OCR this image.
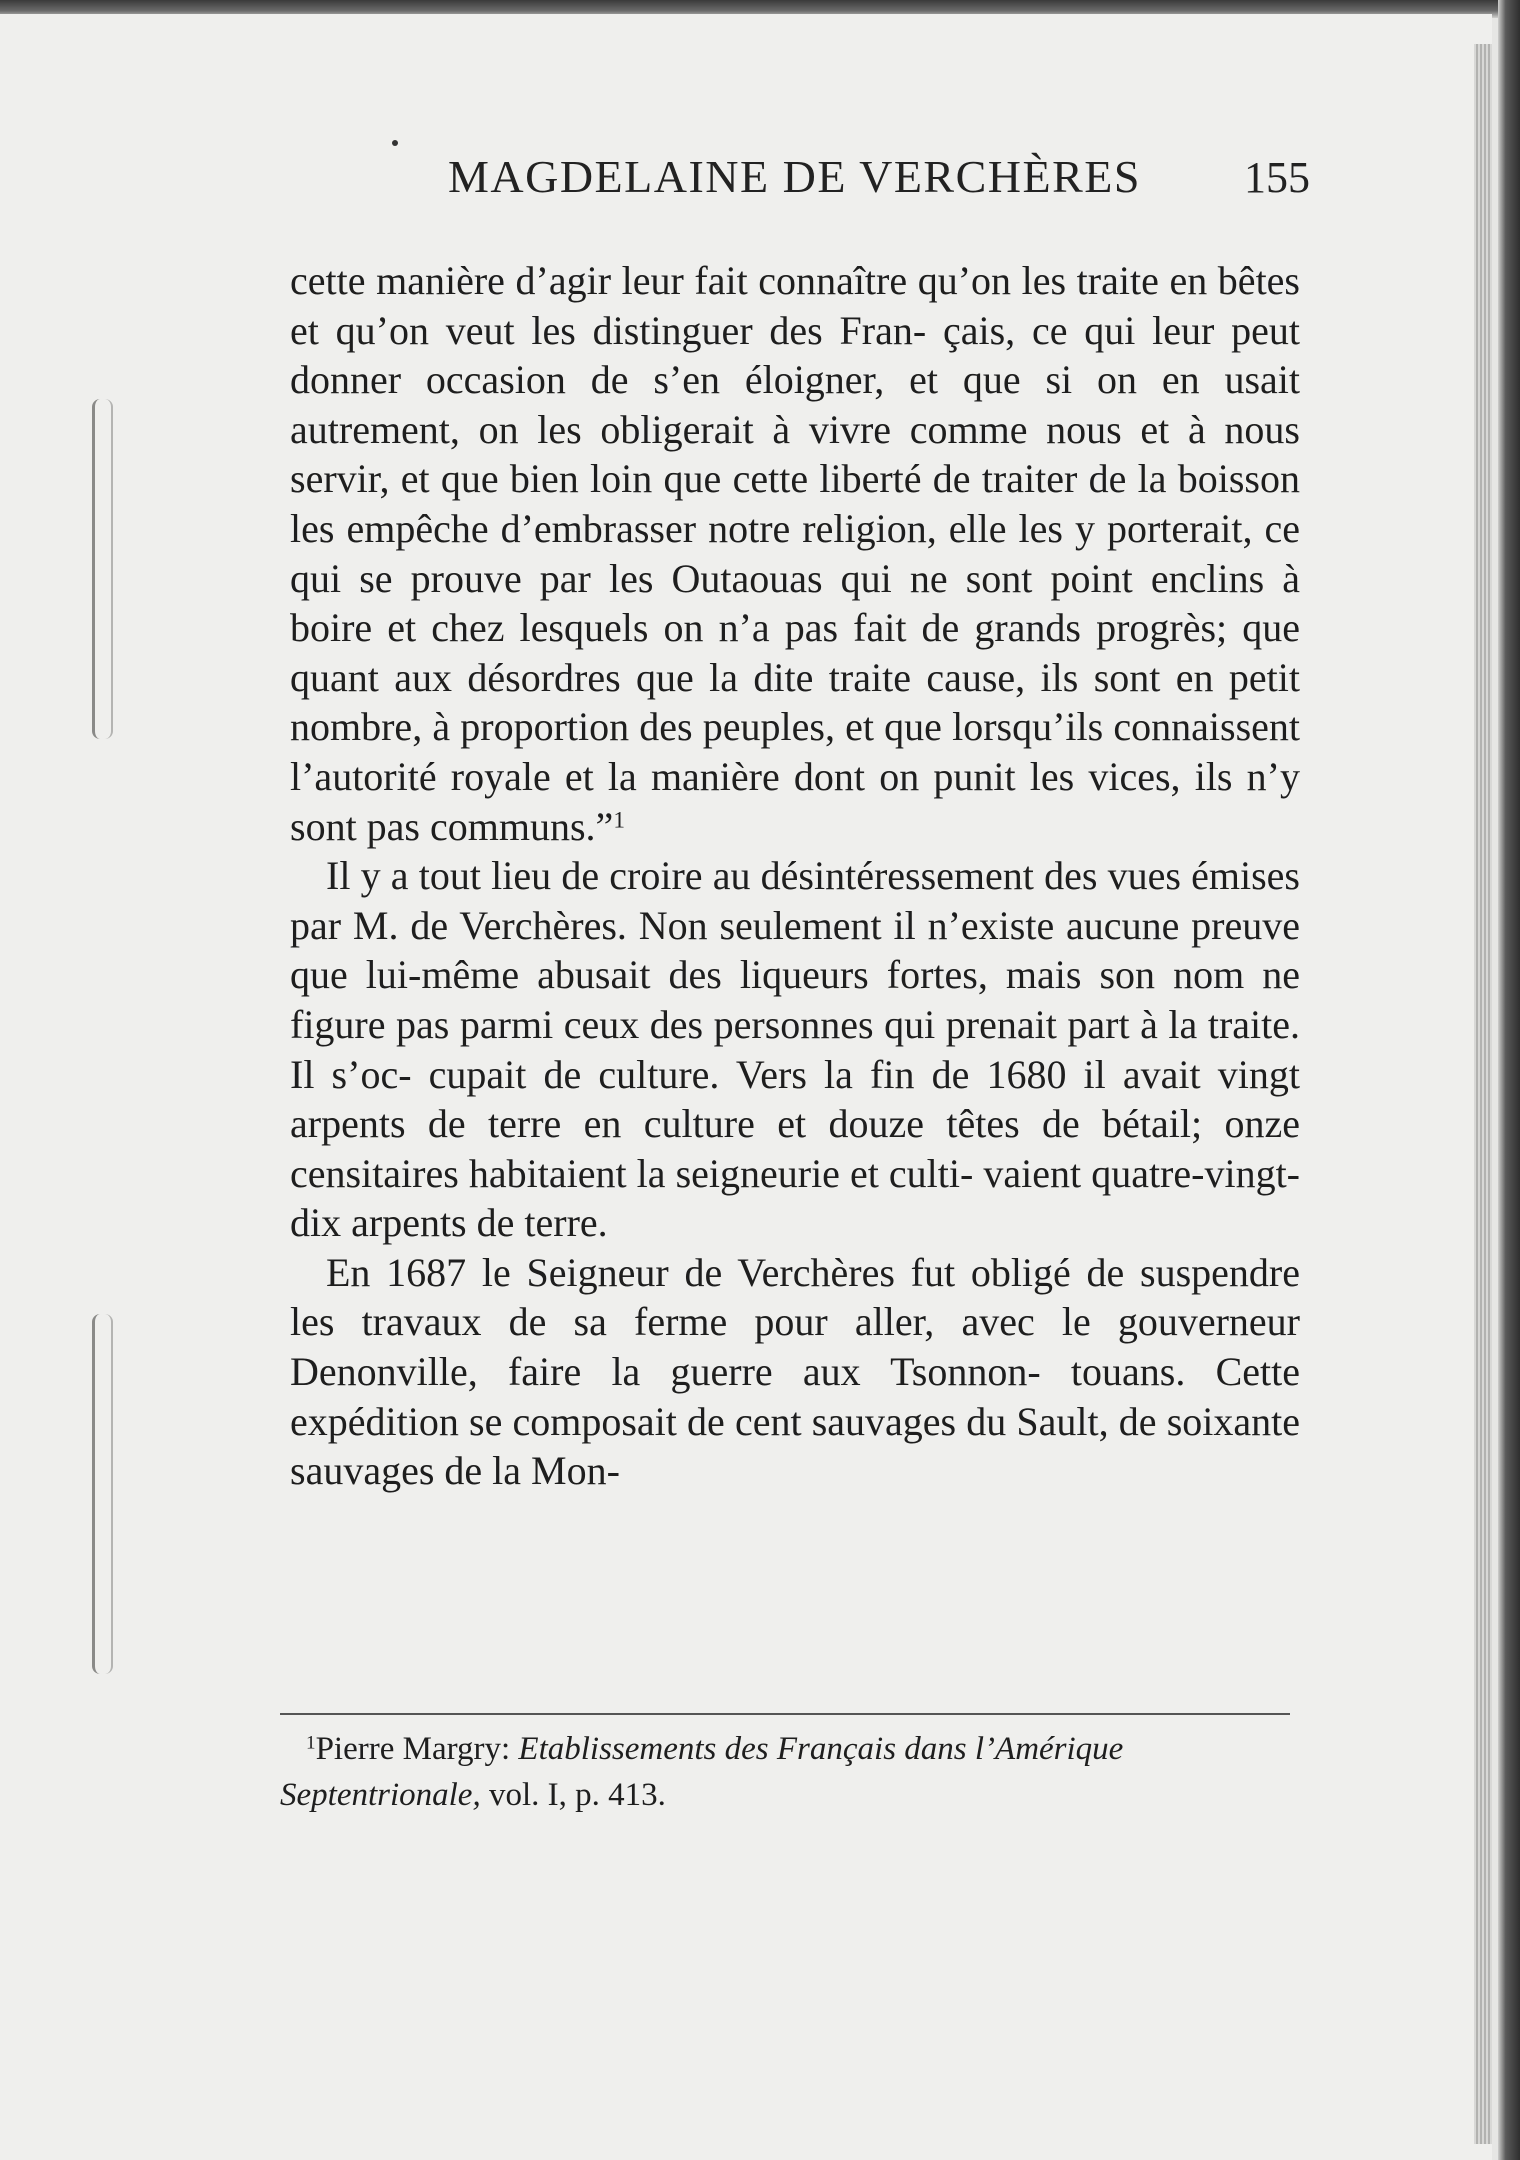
MAGDELAINE DE VERCHÈRES 155

cette manière d’agir leur fait connaître qu’on les traite en bêtes et qu’on veut les distinguer des Fran- çais, ce qui leur peut donner occasion de s’en éloigner, et que si on en usait autrement, on les obligerait à vivre comme nous et à nous servir, et que bien loin que cette liberté de traiter de la boisson les empêche d’embrasser notre religion, elle les y porterait, ce qui se prouve par les Outaouas qui ne sont point enclins à boire et chez lesquels on n’a pas fait de grands progrès; que quant aux désordres que la dite traite cause, ils sont en petit nombre, à proportion des peuples, et que lorsqu’ils connaissent l’autorité royale et la manière dont on punit les vices, ils n’y sont pas communs.”$^1$

Il y a tout lieu de croire au désintéressement des vues émises par M. de Verchères. Non seulement il n’existe aucune preuve que lui-même abusait des liqueurs fortes, mais son nom ne figure pas parmi ceux des personnes qui prenait part à la traite. Il s’oc- cupait de culture. Vers la fin de 1680 il avait vingt arpents de terre en culture et douze têtes de bétail; onze censitaires habitaient la seigneurie et culti- vaient quatre-vingt-dix arpents de terre.

En 1687 le Seigneur de Verchères fut obligé de suspendre les travaux de sa ferme pour aller, avec le gouverneur Denonville, faire la guerre aux Tsonnon- touans. Cette expédition se composait de cent sauvages du Sault, de soixante sauvages de la Mon-

$^1$Pierre Margry: Etablissements des Français dans l’Amérique Septentrionale, vol. I, p. 413.
